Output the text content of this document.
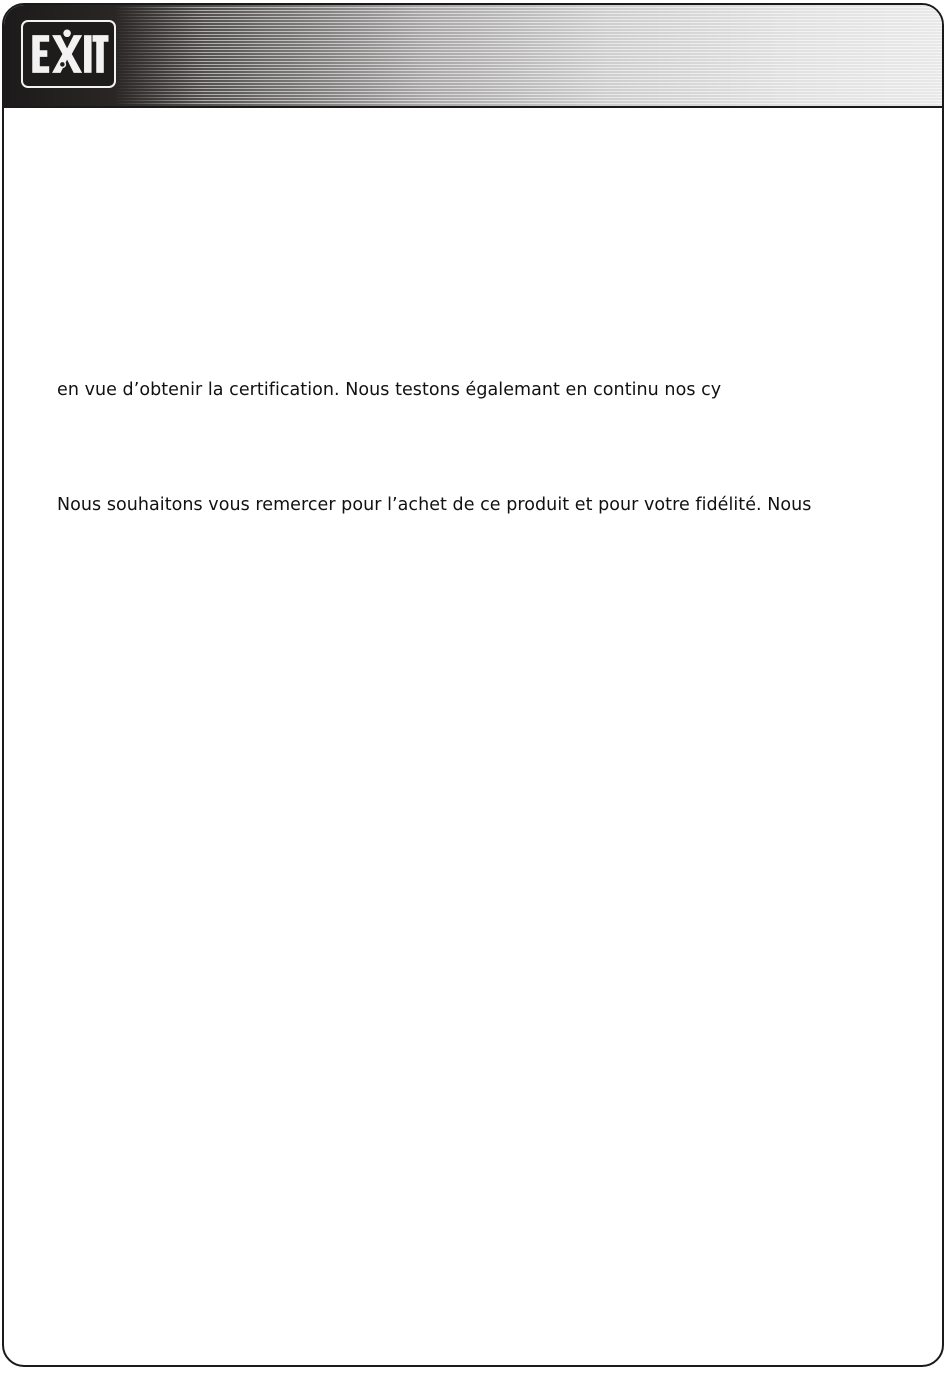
en vue d’obtenir la certification. Nous testons égalemant en continu nos cy

Nous souhaitons vous remercer pour l’achet de ce produit et pour votre fidélité. Nous
